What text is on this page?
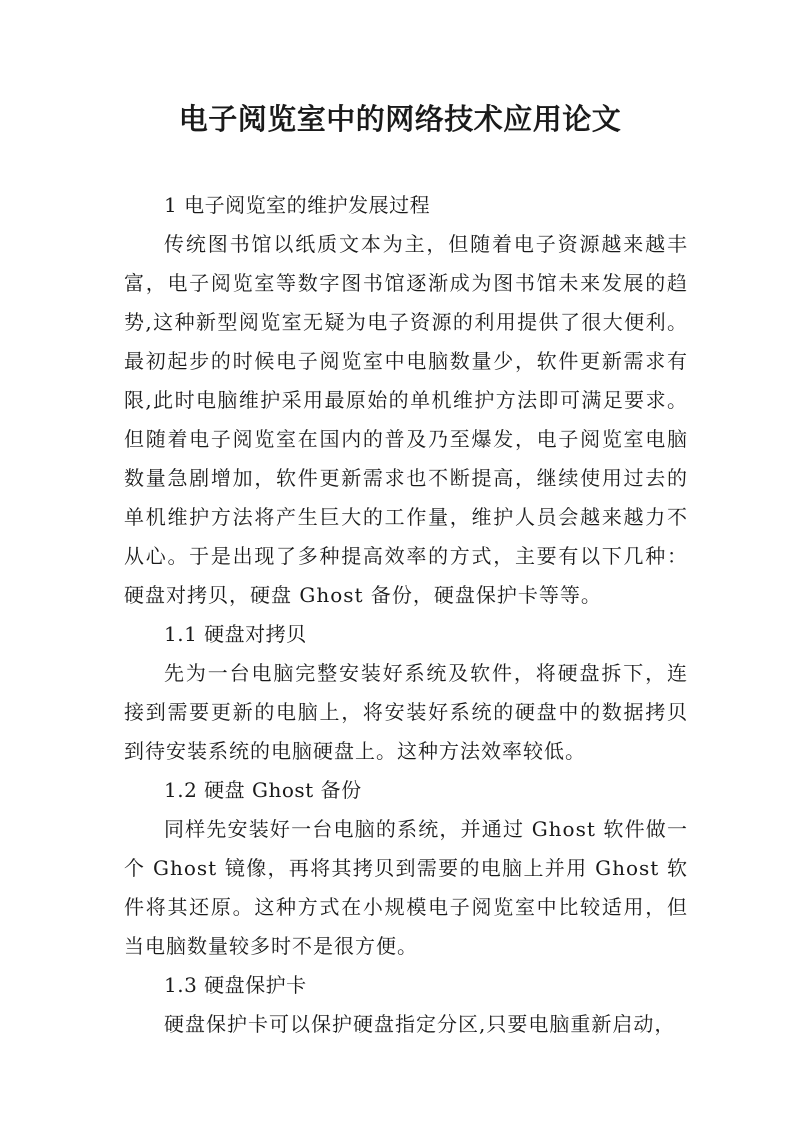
电子阅览室中的网络技术应用论文

1 电子阅览室的维护发展过程

传统图书馆以纸质文本为主，但随着电子资源越来越丰富，电子阅览室等数字图书馆逐渐成为图书馆未来发展的趋势,这种新型阅览室无疑为电子资源的利用提供了很大便利。最初起步的时候电子阅览室中电脑数量少，软件更新需求有限,此时电脑维护采用最原始的单机维护方法即可满足要求。但随着电子阅览室在国内的普及乃至爆发，电子阅览室电脑数量急剧增加，软件更新需求也不断提高，继续使用过去的单机维护方法将产生巨大的工作量，维护人员会越来越力不从心。于是出现了多种提高效率的方式，主要有以下几种：硬盘对拷贝，硬盘 Ghost 备份，硬盘保护卡等等。

1.1 硬盘对拷贝

先为一台电脑完整安装好系统及软件，将硬盘拆下，连接到需要更新的电脑上，将安装好系统的硬盘中的数据拷贝到待安装系统的电脑硬盘上。这种方法效率较低。

1.2 硬盘 Ghost 备份

同样先安装好一台电脑的系统，并通过 Ghost 软件做一个 Ghost 镜像，再将其拷贝到需要的电脑上并用 Ghost 软件将其还原。这种方式在小规模电子阅览室中比较适用，但当电脑数量较多时不是很方便。

1.3 硬盘保护卡

硬盘保护卡可以保护硬盘指定分区,只要电脑重新启动，
